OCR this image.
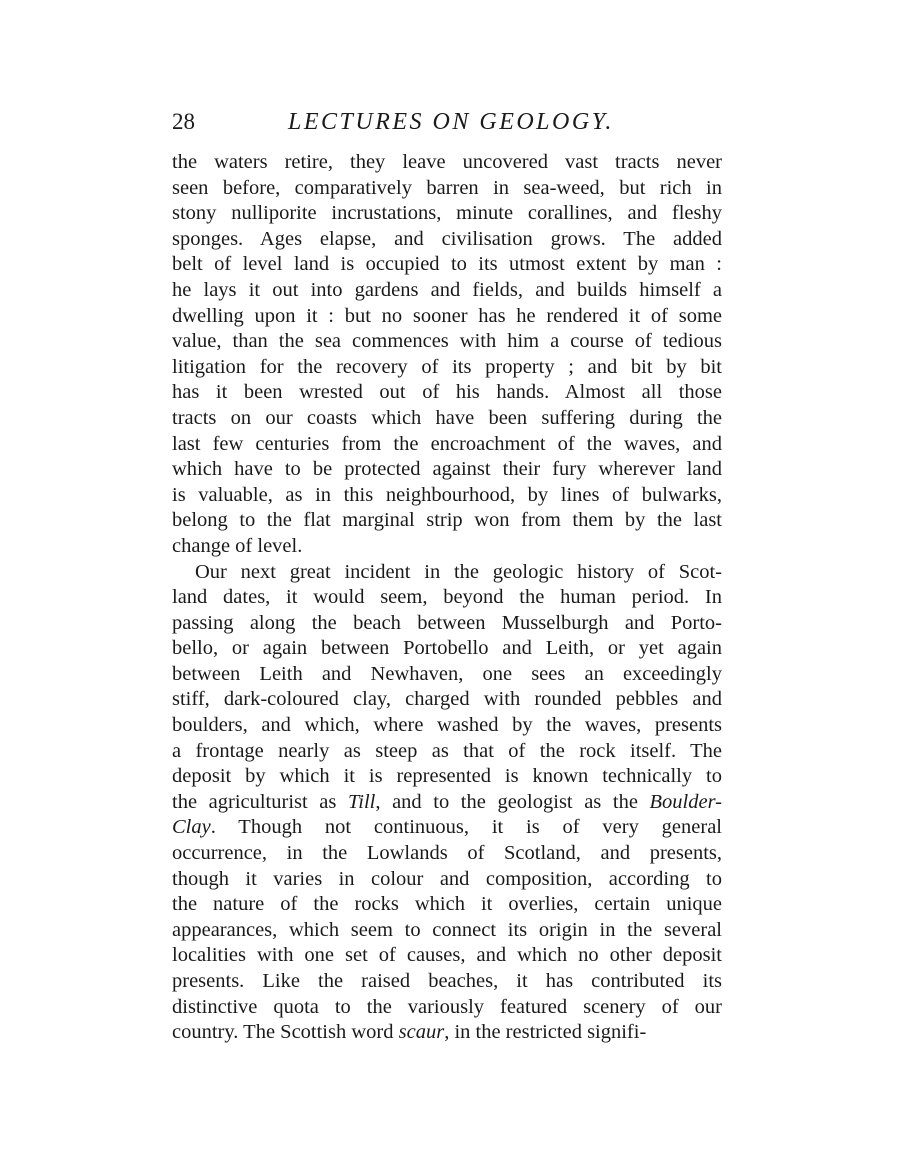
28	LECTURES ON GEOLOGY.
the waters retire, they leave uncovered vast tracts never
seen before, comparatively barren in sea-weed, but rich in
stony nulliporite incrustations, minute corallines, and fleshy
sponges. Ages elapse, and civilisation grows. The added
belt of level land is occupied to its utmost extent by man :
he lays it out into gardens and fields, and builds himself a
dwelling upon it : but no sooner has he rendered it of some
value, than the sea commences with him a course of tedious
litigation for the recovery of its property ; and bit by bit
has it been wrested out of his hands. Almost all those
tracts on our coasts which have been suffering during the
last few centuries from the encroachment of the waves, and
which have to be protected against their fury wherever land
is valuable, as in this neighbourhood, by lines of bulwarks,
belong to the flat marginal strip won from them by the last
change of level.
Our next great incident in the geologic history of Scot-
land dates, it would seem, beyond the human period. In
passing along the beach between Musselburgh and Porto-
bello, or again between Portobello and Leith, or yet again
between Leith and Newhaven, one sees an exceedingly
stiff, dark-coloured clay, charged with rounded pebbles and
boulders, and which, where washed by the waves, presents
a frontage nearly as steep as that of the rock itself. The
deposit by which it is represented is known technically to
the agriculturist as Till, and to the geologist as the Boulder-
Clay. Though not continuous, it is of very general
occurrence, in the Lowlands of Scotland, and presents,
though it varies in colour and composition, according to
the nature of the rocks which it overlies, certain unique
appearances, which seem to connect its origin in the several
localities with one set of causes, and which no other deposit
presents. Like the raised beaches, it has contributed its
distinctive quota to the variously featured scenery of our
country. The Scottish word scaur, in the restricted signifi-
